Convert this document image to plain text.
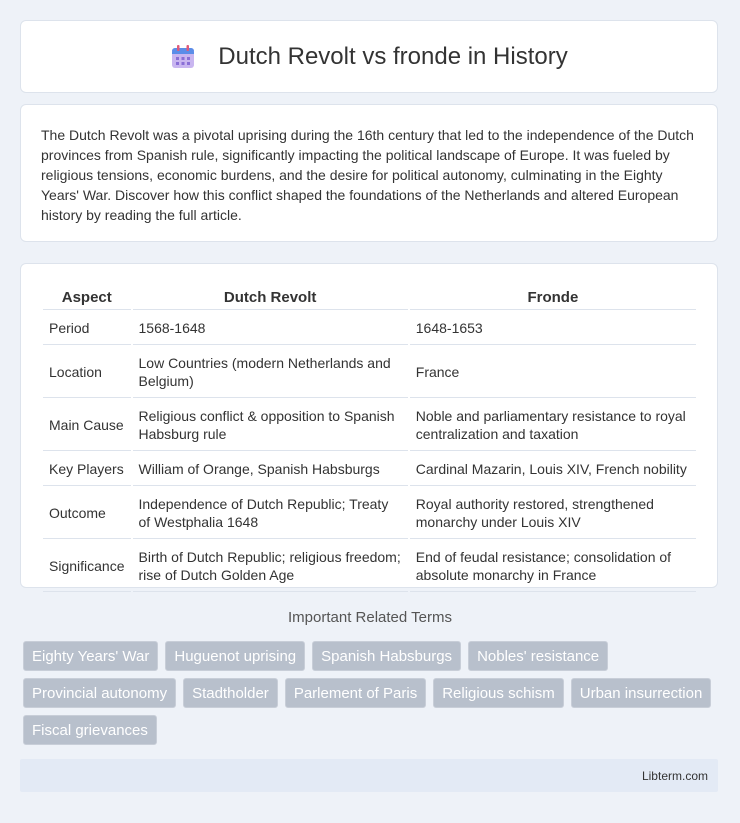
Dutch Revolt vs fronde in History

The Dutch Revolt was a pivotal uprising during the 16th century that led to the independence of the Dutch provinces from Spanish rule, significantly impacting the political landscape of Europe. It was fueled by religious tensions, economic burdens, and the desire for political autonomy, culminating in the Eighty Years' War. Discover how this conflict shaped the foundations of the Netherlands and altered European history by reading the full article.

Aspect	Dutch Revolt	Fronde
Period	1568-1648	1648-1653
Location	Low Countries (modern Netherlands and Belgium)	France
Main Cause	Religious conflict & opposition to Spanish Habsburg rule	Noble and parliamentary resistance to royal centralization and taxation
Key Players	William of Orange, Spanish Habsburgs	Cardinal Mazarin, Louis XIV, French nobility
Outcome	Independence of Dutch Republic; Treaty of Westphalia 1648	Royal authority restored, strengthened monarchy under Louis XIV
Significance	Birth of Dutch Republic; religious freedom; rise of Dutch Golden Age	End of feudal resistance; consolidation of absolute monarchy in France
Important Related Terms
Eighty Years' War	Huguenot uprising	Spanish Habsburgs	Nobles' resistance
Provincial autonomy	Stadtholder	Parlement of Paris	Religious schism	Urban insurrection
Fiscal grievances
Libterm.com
